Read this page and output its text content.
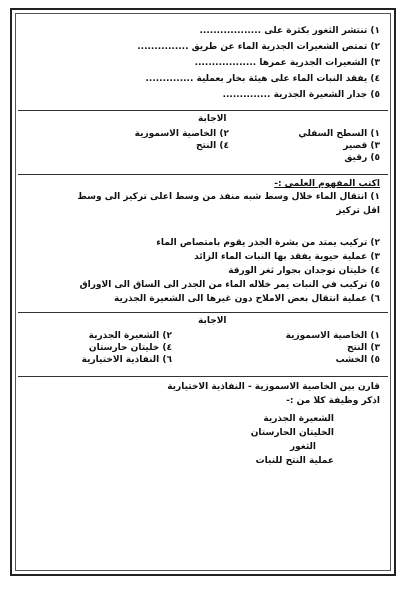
١) تنتشر الثغور بكثرة على ..................
٢) تمتص الشعيرات الجذرية الماء عن طريق ...............
٣) الشعيرات الجذرية عمرها ..................
٤) يفقد النبات الماء على هيئة بخار بعملية ..............
٥) جدار الشعيرة الجذرية ..............
الاجابة
١) السطح السفلي
٣) قصير
٥) رقيق
٢) الخاصية الاسموزية
٤) النتح
اكتب المفهوم العلمي :-
١) انتقال الماء خلال وسط شبه منفذ من وسط اعلى تركيز الى وسط
اقل تركيز
٢) تركيب يمتد من بشرة الجذر يقوم بامتصاص الماء
٣) عملية حيوية يفقد بها النبات الماء الزائد
٤) خليتان توجدان بجوار ثغر الورقة
٥) تركيب في النبات يمر خلاله الماء من الجذر الى الساق الى الاوراق
٦) عملية انتقال بعض الاملاح دون غيرها الى الشعيرة الجذرية
الاجابة
١) الخاصية الاسموزية
٣) النتح
٥) الخشب
٢) الشعيرة الجذرية
٤) خليتان حارستان
٦) النفاذية الاختيارية
قارن بين الخاصية الاسموزية - النفاذية الاختيارية
اذكر وظيفة كلا من :-
الشعيرة الجذرية
الخليتان الحارستان
الثغور
عملية النتح للنبات
